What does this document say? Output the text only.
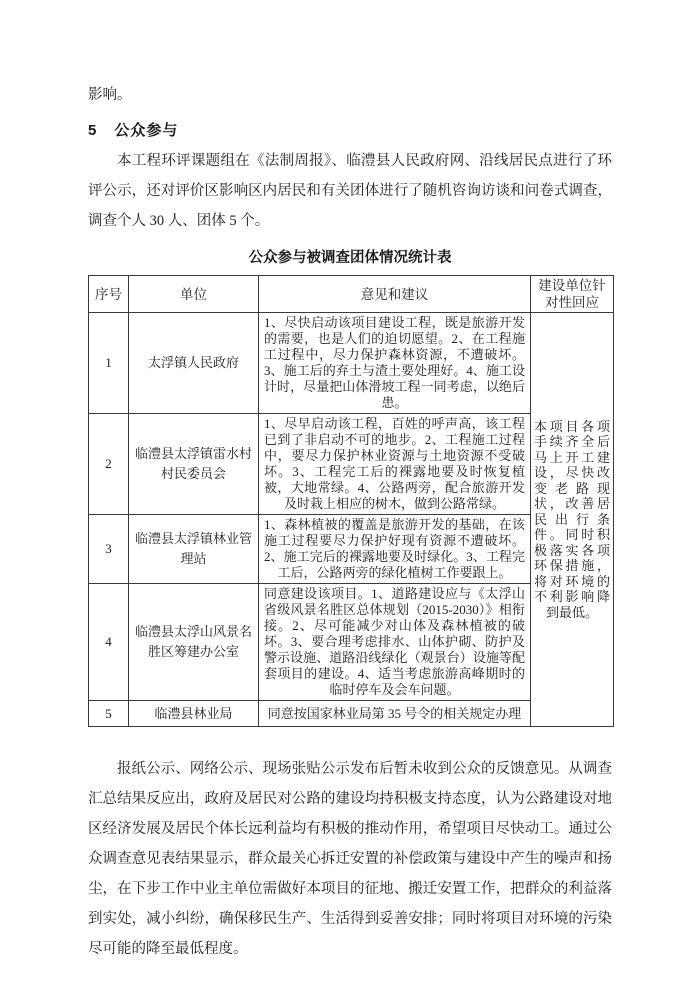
影响。

5 公众参与

本工程环评课题组在《法制周报》、临澧县人民政府网、沿线居民点进行了环评公示，还对评价区影响区内居民和有关团体进行了随机咨询访谈和问卷式调查，调查个人 30 人、团体 5 个。

公众参与被调查团体情况统计表

序号	单位	意见和建议	建设单位针对性回应
1	太浮镇人民政府	1、尽快启动该项目建设工程，既是旅游开发的需要，也是人们的迫切愿望。2、在工程施工过程中，尽力保护森林资源，不遭破坏。3、施工后的弃土与渣土要处理好。4、施工设计时，尽量把山体滑坡工程一同考虑，以绝后患。	本项目各项手续齐全后马上开工建设，尽快改变老路现状，改善居民出行条件。同时积极落实各项环保措施，将对环境的不利影响降到最低。
2	临澧县太浮镇雷水村村民委员会	1、尽早启动该工程，百姓的呼声高，该工程已到了非启动不可的地步。2、工程施工过程中，要尽力保护林业资源与土地资源不受破坏。3、工程完工后的裸露地要及时恢复植被，大地常绿。4、公路两旁，配合旅游开发及时栽上相应的树木，做到公路常绿。	
3	临澧县太浮镇林业管理站	1、森林植被的覆盖是旅游开发的基础，在该施工过程要尽力保护好现有资源不遭破坏。2、施工完后的裸露地要及时绿化。3、工程完工后，公路两旁的绿化植树工作要跟上。	
4	临澧县太浮山风景名胜区筹建办公室	同意建设该项目。1、道路建设应与《太浮山省级风景名胜区总体规划（2015-2030）》相衔接。2、尽可能减少对山体及森林植被的破坏。3、要合理考虑排水、山体护砌、防护及警示设施、道路沿线绿化（观景台）设施等配套项目的建设。4、适当考虑旅游高峰期时的临时停车及会车问题。	
5	临澧县林业局	同意按国家林业局第 35 号令的相关规定办理	

报纸公示、网络公示、现场张贴公示发布后暂未收到公众的反馈意见。从调查汇总结果反应出，政府及居民对公路的建设均持积极支持态度，认为公路建设对地区经济发展及居民个体长远利益均有积极的推动作用，希望项目尽快动工。通过公众调查意见表结果显示，群众最关心拆迁安置的补偿政策与建设中产生的噪声和扬尘，在下步工作中业主单位需做好本项目的征地、搬迁安置工作，把群众的利益落到实处，减小纠纷，确保移民生产、生活得到妥善安排；同时将项目对环境的污染尽可能的降至最低程度。
